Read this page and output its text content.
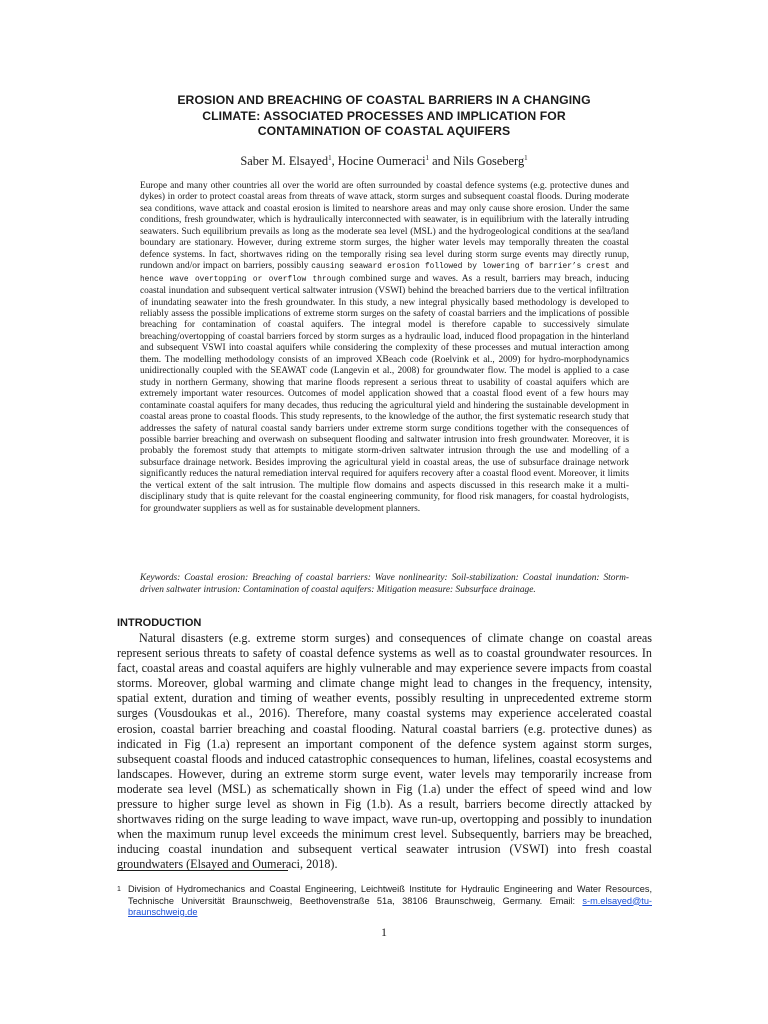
EROSION AND BREACHING OF COASTAL BARRIERS IN A CHANGING CLIMATE: ASSOCIATED PROCESSES AND IMPLICATION FOR CONTAMINATION OF COASTAL AQUIFERS
Saber M. Elsayed$^1$, Hocine Oumeraci$^1$ and Nils Goseberg$^1$
Europe and many other countries all over the world are often surrounded by coastal defence systems (e.g. protective dunes and dykes) in order to protect coastal areas from threats of wave attack, storm surges and subsequent coastal floods. During moderate sea conditions, wave attack and coastal erosion is limited to nearshore areas and may only cause shore erosion. Under the same conditions, fresh groundwater, which is hydraulically interconnected with seawater, is in equilibrium with the laterally intruding seawaters. Such equilibrium prevails as long as the moderate sea level (MSL) and the hydrogeological conditions at the sea/land boundary are stationary. However, during extreme storm surges, the higher water levels may temporally threaten the coastal defence systems. In fact, shortwaves riding on the temporally rising sea level during storm surge events may directly runup, rundown and/or impact on barriers, possibly causing seaward erosion followed by lowering of barrier’s crest and hence wave overtopping or overflow through combined surge and waves. As a result, barriers may breach, inducing coastal inundation and subsequent vertical saltwater intrusion (VSWI) behind the breached barriers due to the vertical infiltration of inundating seawater into the fresh groundwater. In this study, a new integral physically based methodology is developed to reliably assess the possible implications of extreme storm surges on the safety of coastal barriers and the implications of possible breaching for contamination of coastal aquifers. The integral model is therefore capable to successively simulate breaching/overtopping of coastal barriers forced by storm surges as a hydraulic load, induced flood propagation in the hinterland and subsequent VSWI into coastal aquifers while considering the complexity of these processes and mutual interaction among them. The modelling methodology consists of an improved XBeach code (Roelvink et al., 2009) for hydro-morphodynamics unidirectionally coupled with the SEAWAT code (Langevin et al., 2008) for groundwater flow. The model is applied to a case study in northern Germany, showing that marine floods represent a serious threat to usability of coastal aquifers which are extremely important water resources. Outcomes of model application showed that a coastal flood event of a few hours may contaminate coastal aquifers for many decades, thus reducing the agricultural yield and hindering the sustainable development in coastal areas prone to coastal floods. This study represents, to the knowledge of the author, the first systematic research study that addresses the safety of natural coastal sandy barriers under extreme storm surge conditions together with the consequences of possible barrier breaching and overwash on subsequent flooding and saltwater intrusion into fresh groundwater. Moreover, it is probably the foremost study that attempts to mitigate storm-driven saltwater intrusion through the use and modelling of a subsurface drainage network. Besides improving the agricultural yield in coastal areas, the use of subsurface drainage network significantly reduces the natural remediation interval required for aquifers recovery after a coastal flood event. Moreover, it limits the vertical extent of the salt intrusion. The multiple flow domains and aspects discussed in this research make it a multi-disciplinary study that is quite relevant for the coastal engineering community, for flood risk managers, for coastal hydrologists, for groundwater suppliers as well as for sustainable development planners.
Keywords: Coastal erosion: Breaching of coastal barriers: Wave nonlinearity: Soil-stabilization: Coastal inundation: Storm-driven saltwater intrusion: Contamination of coastal aquifers: Mitigation measure: Subsurface drainage.
INTRODUCTION
Natural disasters (e.g. extreme storm surges) and consequences of climate change on coastal areas represent serious threats to safety of coastal defence systems as well as to coastal groundwater resources. In fact, coastal areas and coastal aquifers are highly vulnerable and may experience severe impacts from coastal storms. Moreover, global warming and climate change might lead to changes in the frequency, intensity, spatial extent, duration and timing of weather events, possibly resulting in unprecedented extreme storm surges (Vousdoukas et al., 2016). Therefore, many coastal systems may experience accelerated coastal erosion, coastal barrier breaching and coastal flooding. Natural coastal barriers (e.g. protective dunes) as indicated in Fig (1.a) represent an important component of the defence system against storm surges, subsequent coastal floods and induced catastrophic consequences to human, lifelines, coastal ecosystems and landscapes. However, during an extreme storm surge event, water levels may temporarily increase from moderate sea level (MSL) as schematically shown in Fig (1.a) under the effect of speed wind and low pressure to higher surge level as shown in Fig (1.b). As a result, barriers become directly attacked by shortwaves riding on the surge leading to wave impact, wave run-up, overtopping and possibly to inundation when the maximum runup level exceeds the minimum crest level. Subsequently, barriers may be breached, inducing coastal inundation and subsequent vertical seawater intrusion (VSWI) into fresh coastal groundwaters (Elsayed and Oumeraci, 2018).
1 Division of Hydromechanics and Coastal Engineering, Leichtweiß Institute for Hydraulic Engineering and Water Resources, Technische Universität Braunschweig, Beethovenstraße 51a, 38106 Braunschweig, Germany. Email: s-m.elsayed@tu-braunschweig.de
1
